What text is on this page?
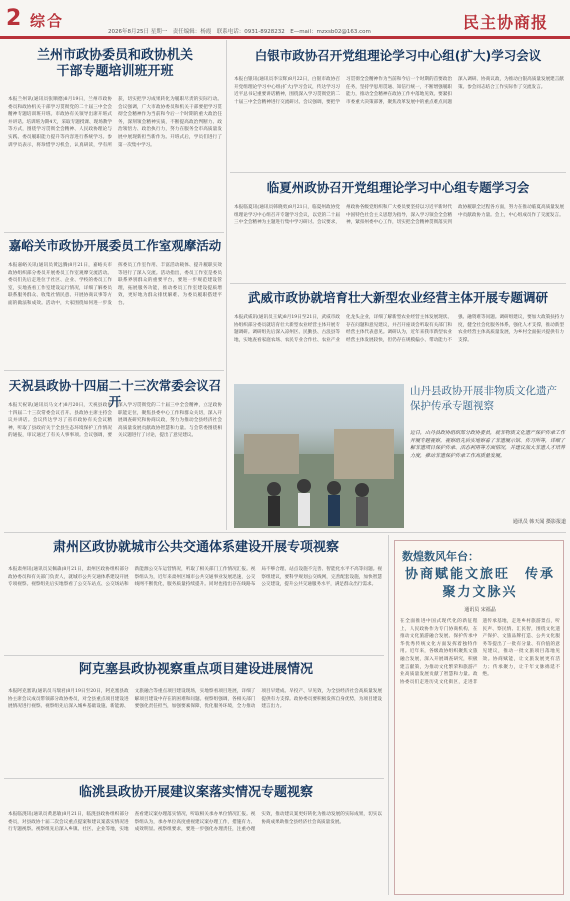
2 综合
2026年8月25日 星期一　责任编辑：杨霞　联系电话：0931-8928232　E—mail：mzxsb02@163.com	民主协商报
兰州市政协委员和政协机关
干部专题培训班开班
本报兰州讯(通讯员张顺德)8月19日，兰州市政协委员和政协机关干部学习贯彻党的二十届三中全会精神专题培训班开班。市政协有关领导出席开班式并讲话。培训班为期4天，采取专题授课、现场教学等方式，围绕学习贯彻全会精神、人民政协理论与实践、委员履职能力提升等内容进行系统学习。参训学员表示，将珍惜学习机会，认真研读，学有所获，切实把学习成果转化为履职尽责的实际行动。会议强调，广大市政协委员和机关干部要把学习贯彻全会精神作为当前和今后一个时期的重大政治任务，深刻领会精神实质，不断提高政治判断力、政治领悟力、政治执行力，努力在服务全市高质量发展中展现新担当新作为。开班式后，学员们进行了第一次集中学习。
嘉峪关市政协开展委员工作室观摩活动
本报嘉峪关讯(通讯员黄远腾)8月21日，嘉峪关市政协组织部分委员开展委员工作室观摩交流活动。委员们先后走进位于社区、企业、学校的委员工作室，实地查看工作室建设运行情况，详细了解委员联系服务群众、收集社情民意、开展协商议事等方面的做法和成效。活动中，大家围绕如何进一步发挥委员工作室作用、丰富活动载体、提升履职实效等进行了深入交流。活动指出，委员工作室是委员联系界别群众的重要平台，要进一步规范建设管理，拓展服务功能，推动委员工作室建设提质增效，更好地为群众排忧解难、为委员履职搭建平台。
天祝县政协十四届二十三次常委会议召开
本报天祝讯(通讯员马文才)8月20日，天祝县政协十四届二十三次常委会议召开。县政协主席主持会议并讲话。会议传达学习了省市政协有关会议精神，听取了县政府关于全县生态环境保护工作情况的通报，审议通过了有关人事事项。会议强调，要深入学习贯彻党的二十届三中全会精神，立足政协职能定位，聚焦县委中心工作和群众关切，深入开展调查研究和协商议政，努力为推动全县经济社会高质量发展贡献政协智慧和力量。与会常委围绕相关议题进行了讨论，提出了意见建议。
白银市政协召开党组理论学习中心组(扩大)学习会议
本报白银讯(通讯员李宗辉)8月22日，白银市政协召开党组理论学习中心组(扩大)学习会议，传达学习习近平总书记重要讲话精神，围绕深入学习贯彻党的二十届三中全会精神进行交流研讨。会议强调，要把学习贯彻全会精神作为当前和今后一个时期的首要政治任务，坚持学思用贯通、知信行统一，不断增强履职能力，推动全会精神在政协工作中落地见效。要紧扣市委重大决策部署，聚焦改革发展中的重点难点问题深入调研、协商议政，为推动白银高质量发展建言献策。参会同志结合工作实际作了交流发言。
临夏州政协召开党组理论学习中心组专题学习会
本报临夏讯(通讯员韩晓勇)8月21日，临夏州政协党组理论学习中心组召开专题学习会议，以党的二十届三中全会精神为主题进行集中学习研讨。会议要求，州政协各级党组织和广大委员要坚持以习近平新时代中国特色社会主义思想为指导，深入学习领会全会精神，紧扣州委中心工作，切实把全会精神贯彻落实到政协履职全过程各方面，努力在推动临夏高质量发展中贡献政协力量。会上，中心组成员作了交流发言。
武威市政协就培育壮大新型农业经营主体开展专题调研
本报武威讯(通讯员王斌)8月19日至21日，武威市政协组织部分委员就培育壮大新型农业经营主体开展专题调研。调研组先后深入凉州区、民勤县、古浪县等地，实地查看家庭农场、农民专业合作社、农业产业化龙头企业，详细了解新型农业经营主体发展现状、存在问题和意见建议，并召开座谈会听取有关部门和经营主体代表意见。调研认为，近年来我市新型农业经营主体发展较快，但仍存在规模偏小、带动能力不强、融资难等问题。调研组建议，要加大政策扶持力度，健全社会化服务体系，强化人才支撑，推动新型农业经营主体高质量发展，为乡村全面振兴提供有力支撑。
山丹县政协开展非物质文化遗产保护传承专题视察
近日，山丹县政协组织部分政协委员，就非物质文化遗产保护传承工作开展专题视察。视察组先后实地察看了非遗展示馆、传习所等，详细了解非遗项目保护传承、活态利用等方面情况，并建议加大非遗人才培养力度，推动非遗保护传承工作高质量发展。
通讯员 韩天闻 摄影报道
肃州区政协就城市公共交通体系建设开展专项视察
本报肃州讯(通讯员吴佩森)8月21日，肃州区政协组织部分政协委员和有关部门负责人，就城市公共交通体系建设开展专项视察。视察组先后实地察看了公交车站点、公交场站和新能源公交车运营情况，听取了相关部门工作情况汇报。视察组认为，近年来肃州区城市公共交通事业发展迅速，公交线网不断优化，服务质量持续提升。同时也指出存在线路布局不够合理、站点设施不完善、智能化水平不高等问题。视察组建议，要科学规划公交线网，完善配套设施，加快智慧公交建设，提升公共交通服务水平，满足群众出行需求。
阿克塞县政协视察重点项目建设进展情况
本报阿克塞讯(通讯员马瑞君)8月19日至20日，阿克塞县政协主席会议成员带领部分政协委员，对全县重点项目建设进展情况进行视察。视察组先后深入城乡基础设施、新能源、文旅融合等重点项目建设现场，实地察看项目进展，详细了解项目建设中存在的困难和问题。视察组强调，各相关部门要强化责任担当，加强要素保障，优化服务环境，全力推动项目早建成、早投产、早见效，为全县经济社会高质量发展提供有力支撑。政协委员要积极发挥自身优势，为项目建设建言出力。
临洮县政协开展建议案落实情况专题视察
本报临洮讯(通讯员黄思敏)8月21日，临洮县政协组织部分委员，对县政协十届二次会议重点提案和建议案落实情况进行专题视察。视察组先后深入乡镇、社区、企业等地，实地查看建议案办理落实情况，听取相关承办单位情况汇报。视察组认为，承办单位高度重视建议案办理工作，措施有力、成效明显。视察组要求，要进一步强化办理责任，注重办理实效，推动建议案更好转化为推动发展的实际成果，切实以协商成果助推全县经济社会高质量发展。
数煌数风年台：
协商赋能文旅旺　传承聚力文脉兴
通讯员 宋福晶
在全面推进中国式现代化的新征程上，人民政协作为专门协商机构，在推动文化旅游融合发展、保护传承中华优秀传统文化方面发挥着独特作用。近年来，各级政协组织聚焦文旅融合发展，深入开展调查研究，积极建言献策，为推动文化繁荣和旅游产业高质量发展贡献了智慧和力量。政协委员们走进历史文化街区，走进非遗传承基地，走进乡村旅游景点，听民声、察民情、汇民智，围绕文化遗产保护、文旅品牌打造、公共文化服务等提出了一批有分量、有价值的意见建议，推动一批文旅项目落地见效。协商赋能，让文旅发展更有活力；传承聚力，让千年文脉绵延不绝。
